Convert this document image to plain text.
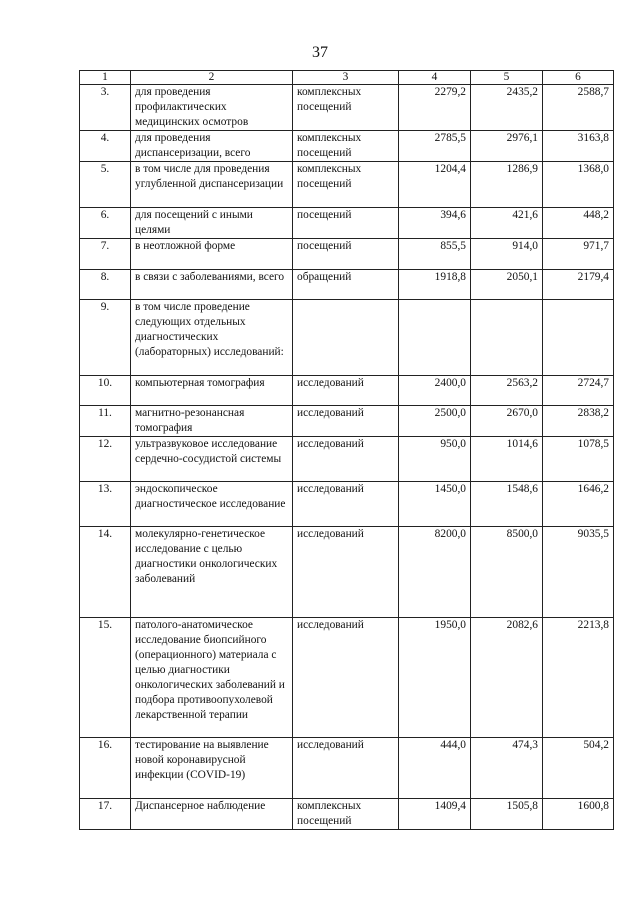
37
1	2	3	4	5	6
3.	для проведения профилактических медицинских осмотров	комплексных посещений	2279,2	2435,2	2588,7
4.	для проведения диспансеризации, всего	комплексных посещений	2785,5	2976,1	3163,8
5.	в том числе для проведения углубленной диспансеризации	комплексных посещений	1204,4	1286,9	1368,0
6.	для посещений с иными целями	посещений	394,6	421,6	448,2
7.	в неотложной форме	посещений	855,5	914,0	971,7
8.	в связи с заболеваниями, всего	обращений	1918,8	2050,1	2179,4
9.	в том числе проведение следующих отдельных диагностических (лабораторных) исследований:				
10.	компьютерная томография	исследований	2400,0	2563,2	2724,7
11.	магнитно-резонансная томография	исследований	2500,0	2670,0	2838,2
12.	ультразвуковое исследование сердечно-сосудистой системы	исследований	950,0	1014,6	1078,5
13.	эндоскопическое диагностическое исследование	исследований	1450,0	1548,6	1646,2
14.	молекулярно-генетическое исследование с целью диагностики онкологических заболеваний	исследований	8200,0	8500,0	9035,5
15.	патолого-анатомическое исследование биопсийного (операционного) материала с целью диагностики онкологических заболеваний и подбора противоопухолевой лекарственной терапии	исследований	1950,0	2082,6	2213,8
16.	тестирование на выявление новой коронавирусной инфекции (COVID-19)	исследований	444,0	474,3	504,2
17.	Диспансерное наблюдение	комплексных посещений	1409,4	1505,8	1600,8
